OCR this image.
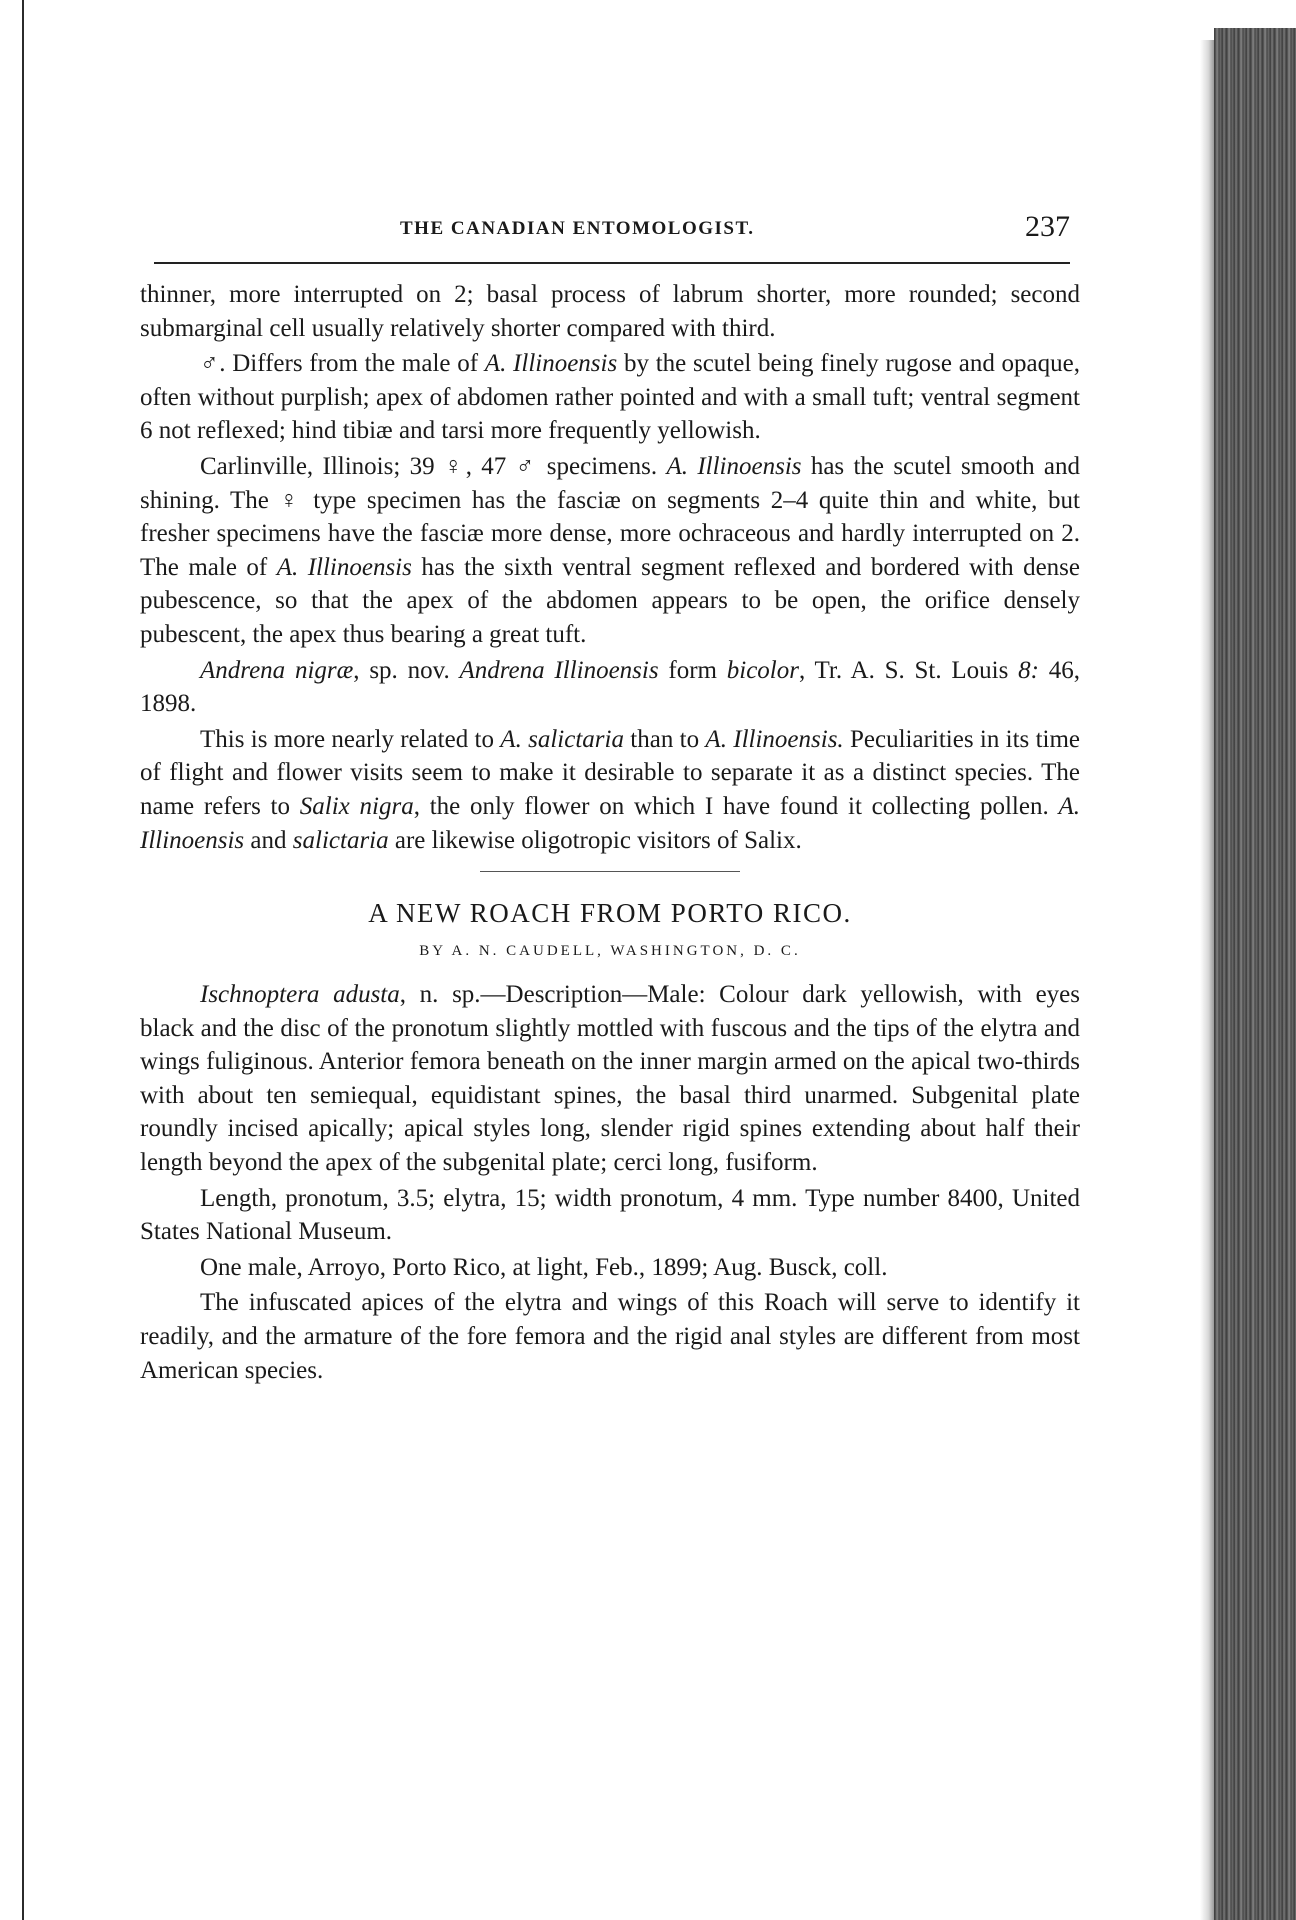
THE CANADIAN ENTOMOLOGIST.	237

thinner, more interrupted on 2; basal process of labrum shorter, more rounded; second submarginal cell usually relatively shorter compared with third.

♂. Differs from the male of A. Illinoensis by the scutel being finely rugose and opaque, often without purplish; apex of abdomen rather pointed and with a small tuft; ventral segment 6 not reflexed; hind tibiæ and tarsi more frequently yellowish.

Carlinville, Illinois; 39 ♀, 47 ♂ specimens. A. Illinoensis has the scutel smooth and shining. The ♀ type specimen has the fasciæ on segments 2–4 quite thin and white, but fresher specimens have the fasciæ more dense, more ochraceous and hardly interrupted on 2. The male of A. Illinoensis has the sixth ventral segment reflexed and bordered with dense pubescence, so that the apex of the abdomen appears to be open, the orifice densely pubescent, the apex thus bearing a great tuft.

Andrena nigræ, sp. nov. Andrena Illinoensis form bicolor, Tr. A. S. St. Louis 8: 46, 1898.

This is more nearly related to A. salictaria than to A. Illinoensis. Peculiarities in its time of flight and flower visits seem to make it desirable to separate it as a distinct species. The name refers to Salix nigra, the only flower on which I have found it collecting pollen. A. Illinoensis and salictaria are likewise oligotropic visitors of Salix.

A NEW ROACH FROM PORTO RICO.

BY A. N. CAUDELL, WASHINGTON, D. C.

Ischnoptera adusta, n. sp.—Description—Male: Colour dark yellowish, with eyes black and the disc of the pronotum slightly mottled with fuscous and the tips of the elytra and wings fuliginous. Anterior femora beneath on the inner margin armed on the apical two-thirds with about ten semiequal, equidistant spines, the basal third unarmed. Subgenital plate roundly incised apically; apical styles long, slender rigid spines extending about half their length beyond the apex of the subgenital plate; cerci long, fusiform.

Length, pronotum, 3.5; elytra, 15; width pronotum, 4 mm. Type number 8400, United States National Museum.

One male, Arroyo, Porto Rico, at light, Feb., 1899; Aug. Busck, coll.

The infuscated apices of the elytra and wings of this Roach will serve to identify it readily, and the armature of the fore femora and the rigid anal styles are different from most American species.
